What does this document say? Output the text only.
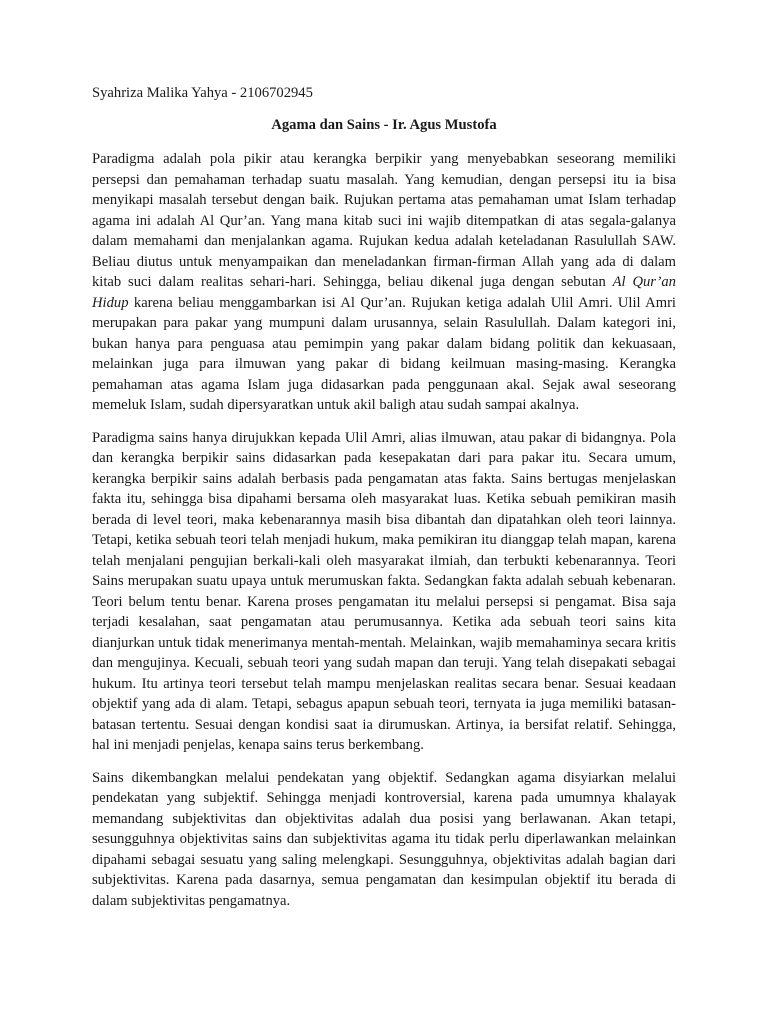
Syahriza Malika Yahya - 2106702945
Agama dan Sains - Ir. Agus Mustofa

Paradigma adalah pola pikir atau kerangka berpikir yang menyebabkan seseorang memiliki persepsi dan pemahaman terhadap suatu masalah. Yang kemudian, dengan persepsi itu ia bisa menyikapi masalah tersebut dengan baik. Rujukan pertama atas pemahaman umat Islam terhadap agama ini adalah Al Qur’an. Yang mana kitab suci ini wajib ditempatkan di atas segala-galanya dalam memahami dan menjalankan agama. Rujukan kedua adalah keteladanan Rasulullah SAW. Beliau diutus untuk menyampaikan dan meneladankan firman-firman Allah yang ada di dalam kitab suci dalam realitas sehari-hari. Sehingga, beliau dikenal juga dengan sebutan Al Qur’an Hidup karena beliau menggambarkan isi Al Qur’an. Rujukan ketiga adalah Ulil Amri. Ulil Amri merupakan para pakar yang mumpuni dalam urusannya, selain Rasulullah. Dalam kategori ini, bukan hanya para penguasa atau pemimpin yang pakar dalam bidang politik dan kekuasaan, melainkan juga para ilmuwan yang pakar di bidang keilmuan masing-masing. Kerangka pemahaman atas agama Islam juga didasarkan pada penggunaan akal. Sejak awal seseorang memeluk Islam, sudah dipersyaratkan untuk akil baligh atau sudah sampai akalnya.

Paradigma sains hanya dirujukkan kepada Ulil Amri, alias ilmuwan, atau pakar di bidangnya. Pola dan kerangka berpikir sains didasarkan pada kesepakatan dari para pakar itu. Secara umum, kerangka berpikir sains adalah berbasis pada pengamatan atas fakta. Sains bertugas menjelaskan fakta itu, sehingga bisa dipahami bersama oleh masyarakat luas. Ketika sebuah pemikiran masih berada di level teori, maka kebenarannya masih bisa dibantah dan dipatahkan oleh teori lainnya. Tetapi, ketika sebuah teori telah menjadi hukum, maka pemikiran itu dianggap telah mapan, karena telah menjalani pengujian berkali-kali oleh masyarakat ilmiah, dan terbukti kebenarannya. Teori Sains merupakan suatu upaya untuk merumuskan fakta. Sedangkan fakta adalah sebuah kebenaran. Teori belum tentu benar. Karena proses pengamatan itu melalui persepsi si pengamat. Bisa saja terjadi kesalahan, saat pengamatan atau perumusannya. Ketika ada sebuah teori sains kita dianjurkan untuk tidak menerimanya mentah-mentah. Melainkan, wajib memahaminya secara kritis dan mengujinya. Kecuali, sebuah teori yang sudah mapan dan teruji. Yang telah disepakati sebagai hukum. Itu artinya teori tersebut telah mampu menjelaskan realitas secara benar. Sesuai keadaan objektif yang ada di alam. Tetapi, sebagus apapun sebuah teori, ternyata ia juga memiliki batasan-batasan tertentu. Sesuai dengan kondisi saat ia dirumuskan. Artinya, ia bersifat relatif. Sehingga, hal ini menjadi penjelas, kenapa sains terus berkembang.

Sains dikembangkan melalui pendekatan yang objektif. Sedangkan agama disyiarkan melalui pendekatan yang subjektif. Sehingga menjadi kontroversial, karena pada umumnya khalayak memandang subjektivitas dan objektivitas adalah dua posisi yang berlawanan. Akan tetapi, sesungguhnya objektivitas sains dan subjektivitas agama itu tidak perlu diperlawankan melainkan dipahami sebagai sesuatu yang saling melengkapi. Sesungguhnya, objektivitas adalah bagian dari subjektivitas. Karena pada dasarnya, semua pengamatan dan kesimpulan objektif itu berada di dalam subjektivitas pengamatnya.
